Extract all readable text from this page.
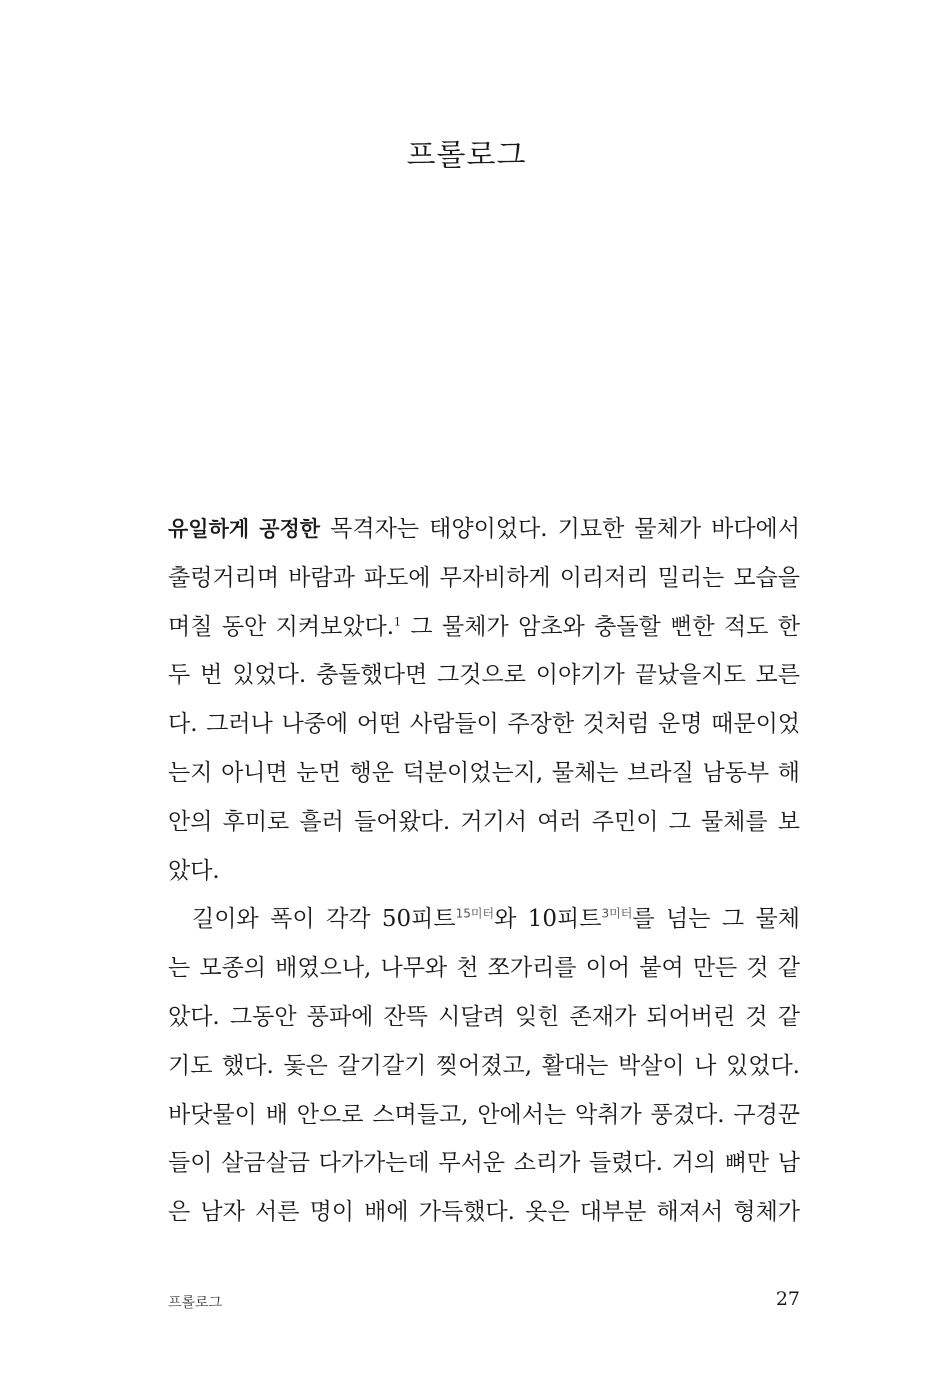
프롤로그
유일하게 공정한 목격자는 태양이었다. 기묘한 물체가 바다에서
출렁거리며 바람과 파도에 무자비하게 이리저리 밀리는 모습을
며칠 동안 지켜보았다.$^1$ 그 물체가 암초와 충돌할 뻔한 적도 한
두 번 있었다. 충돌했다면 그것으로 이야기가 끝났을지도 모른
다. 그러나 나중에 어떤 사람들이 주장한 것처럼 운명 때문이었
는지 아니면 눈먼 행운 덕분이었는지, 물체는 브라질 남동부 해
안의 후미로 흘러 들어왔다. 거기서 여러 주민이 그 물체를 보
았다.
길이와 폭이 각각 50피트$^{15미터}$와 10피트$^{3미터}$를 넘는 그 물체
는 모종의 배였으나, 나무와 천 쪼가리를 이어 붙여 만든 것 같
았다. 그동안 풍파에 잔뜩 시달려 잊힌 존재가 되어버린 것 같
기도 했다. 돛은 갈기갈기 찢어졌고, 활대는 박살이 나 있었다.
바닷물이 배 안으로 스며들고, 안에서는 악취가 풍겼다. 구경꾼
들이 살금살금 다가가는데 무서운 소리가 들렸다. 거의 뼈만 남
은 남자 서른 명이 배에 가득했다. 옷은 대부분 해져서 형체가
프롤로그	27
